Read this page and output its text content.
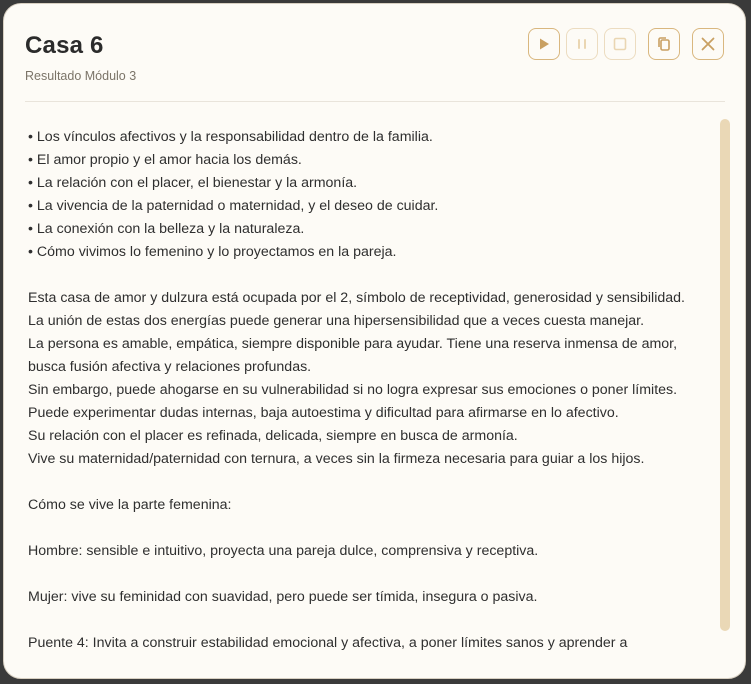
Casa 6
Resultado Módulo 3
• Los vínculos afectivos y la responsabilidad dentro de la familia.
• El amor propio y el amor hacia los demás.
• La relación con el placer, el bienestar y la armonía.
• La vivencia de la paternidad o maternidad, y el deseo de cuidar.
• La conexión con la belleza y la naturaleza.
• Cómo vivimos lo femenino y lo proyectamos en la pareja.
Esta casa de amor y dulzura está ocupada por el 2, símbolo de receptividad, generosidad y sensibilidad.
La unión de estas dos energías puede generar una hipersensibilidad que a veces cuesta manejar.
La persona es amable, empática, siempre disponible para ayudar. Tiene una reserva inmensa de amor,
busca fusión afectiva y relaciones profundas.
Sin embargo, puede ahogarse en su vulnerabilidad si no logra expresar sus emociones o poner límites.
Puede experimentar dudas internas, baja autoestima y dificultad para afirmarse en lo afectivo.
Su relación con el placer es refinada, delicada, siempre en busca de armonía.
Vive su maternidad/paternidad con ternura, a veces sin la firmeza necesaria para guiar a los hijos.
Cómo se vive la parte femenina:
Hombre: sensible e intuitivo, proyecta una pareja dulce, comprensiva y receptiva.
Mujer: vive su feminidad con suavidad, pero puede ser tímida, insegura o pasiva.
Puente 4: Invita a construir estabilidad emocional y afectiva, a poner límites sanos y aprender a
